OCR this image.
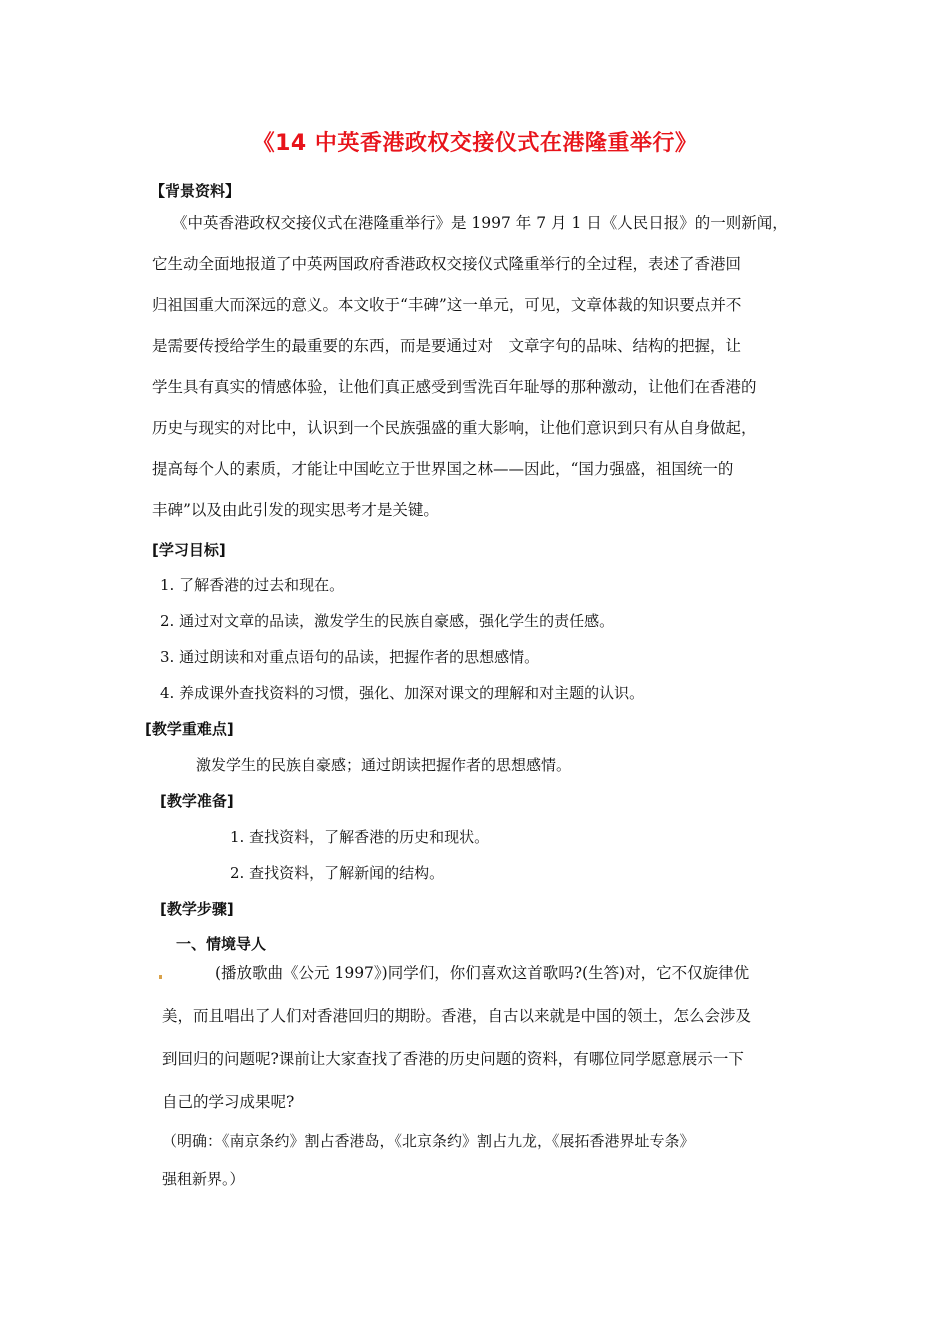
《14 中英香港政权交接仪式在港隆重举行》
【背景资料】
《中英香港政权交接仪式在港隆重举行》是 1997 年 7 月 1 日《人民日报》的一则新闻，
它生动全面地报道了中英两国政府香港政权交接仪式隆重举行的全过程，表述了香港回
归祖国重大而深远的意义。本文收于“丰碑”这一单元，可见，文章体裁的知识要点并不
是需要传授给学生的最重要的东西，而是要通过对　文章字句的品味、结构的把握，让
学生具有真实的情感体验，让他们真正感受到雪洗百年耻辱的那种激动，让他们在香港的
历史与现实的对比中，认识到一个民族强盛的重大影响，让他们意识到只有从自身做起，
提高每个人的素质，才能让中国屹立于世界国之林——因此，“国力强盛，祖国统一的
丰碑”以及由此引发的现实思考才是关键。
[学习目标]
1. 了解香港的过去和现在。
2. 通过对文章的品读，激发学生的民族自豪感，强化学生的责任感。
3. 通过朗读和对重点语句的品读，把握作者的思想感情。
4. 养成课外查找资料的习惯，强化、加深对课文的理解和对主题的认识。
[教学重难点]
激发学生的民族自豪感；通过朗读把握作者的思想感情。
[教学准备]
1. 查找资料，了解香港的历史和现状。
2. 查找资料，了解新闻的结构。
[教学步骤]
一、情境导人
(播放歌曲《公元 1997》)同学们，你们喜欢这首歌吗?(生答)对，它不仅旋律优
美，而且唱出了人们对香港回归的期盼。香港，自古以来就是中国的领土，怎么会涉及
到回归的问题呢?课前让大家查找了香港的历史问题的资料，有哪位同学愿意展示一下
自己的学习成果呢?
（明确：《南京条约》割占香港岛，《北京条约》割占九龙，《展拓香港界址专条》
强租新界。）
